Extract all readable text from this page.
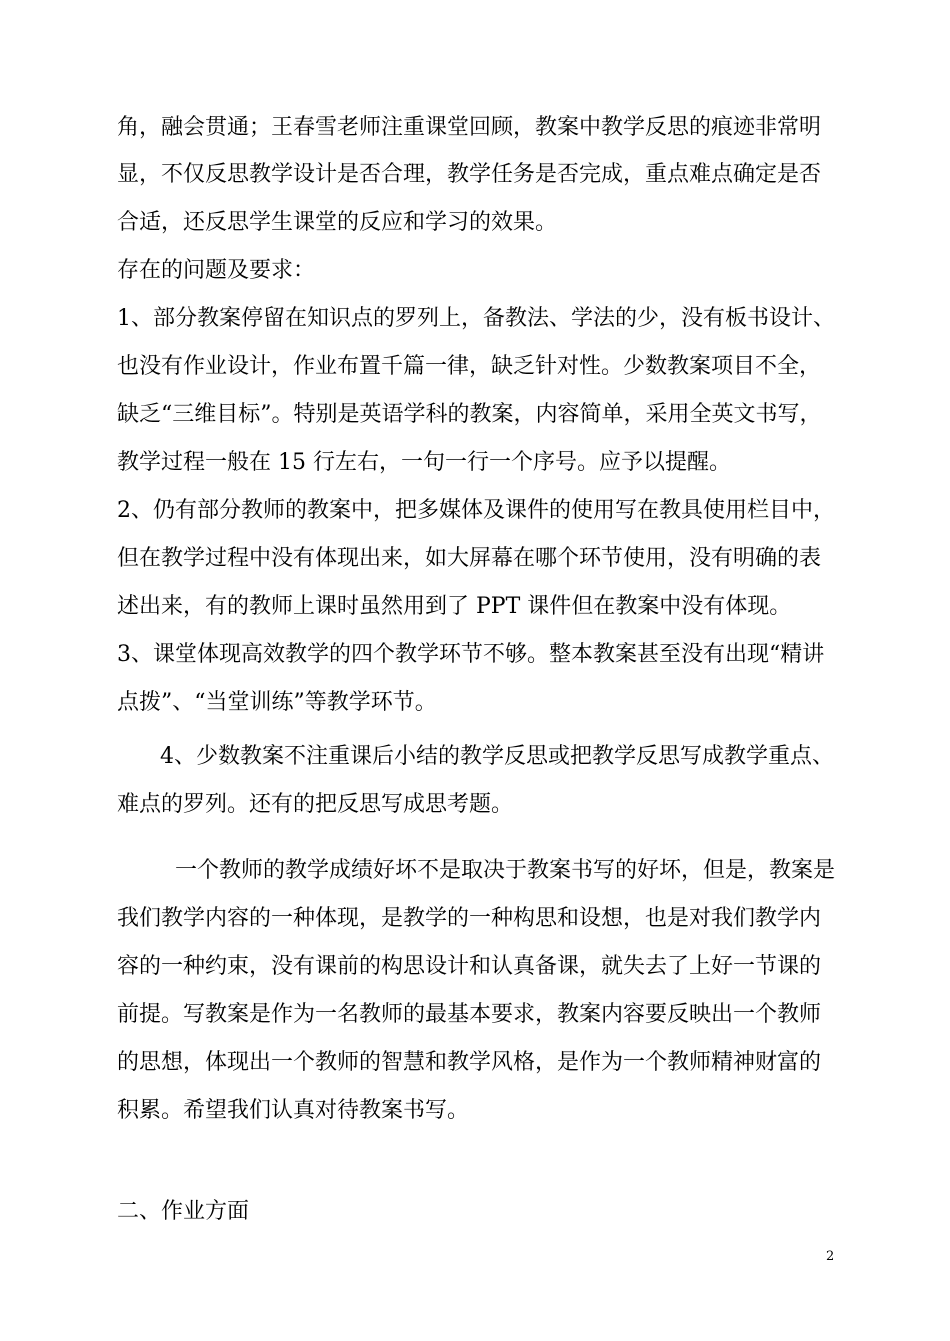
角，融会贯通；王春雪老师注重课堂回顾，教案中教学反思的痕迹非常明
显，不仅反思教学设计是否合理，教学任务是否完成，重点难点确定是否
合适，还反思学生课堂的反应和学习的效果。
存在的问题及要求：
1、部分教案停留在知识点的罗列上，备教法、学法的少，没有板书设计、
也没有作业设计，作业布置千篇一律，缺乏针对性。少数教案项目不全，
缺乏“三维目标”。特别是英语学科的教案，内容简单，采用全英文书写，
教学过程一般在 15 行左右，一句一行一个序号。应予以提醒。
2、仍有部分教师的教案中，把多媒体及课件的使用写在教具使用栏目中，
但在教学过程中没有体现出来，如大屏幕在哪个环节使用，没有明确的表
述出来，有的教师上课时虽然用到了 PPT 课件但在教案中没有体现。
3、课堂体现高效教学的四个教学环节不够。整本教案甚至没有出现“精讲
点拨”、“当堂训练”等教学环节。
4、少数教案不注重课后小结的教学反思或把教学反思写成教学重点、
难点的罗列。还有的把反思写成思考题。
一个教师的教学成绩好坏不是取决于教案书写的好坏，但是，教案是
我们教学内容的一种体现，是教学的一种构思和设想，也是对我们教学内
容的一种约束，没有课前的构思设计和认真备课，就失去了上好一节课的
前提。写教案是作为一名教师的最基本要求，教案内容要反映出一个教师
的思想，体现出一个教师的智慧和教学风格，是作为一个教师精神财富的
积累。希望我们认真对待教案书写。
二、作业方面
2
